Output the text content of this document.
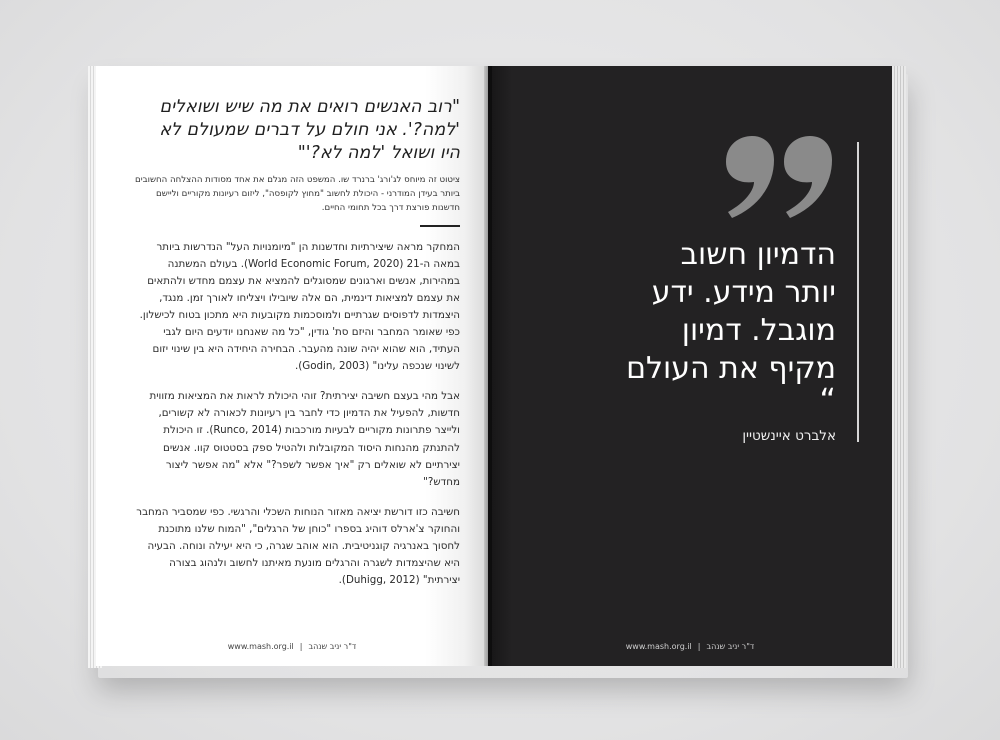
"רוב האנשים רואים את מה שיש ושואלים 'למה?'. אני חולם על דברים שמעולם לא היו ושואל 'למה לא?'"

ציטוט זה מיוחס לג'ורג' ברנרד שו. המשפט הזה מגלם את אחד מסודות ההצלחה החשובים ביותר בעידן המודרני - היכולת לחשוב "מחוץ לקופסה", ליזום רעיונות מקוריים וליישם חדשנות פורצת דרך בכל תחומי החיים.

המחקר מראה שיצירתיות וחדשנות הן "מיומנויות העל" הנדרשות ביותר במאה ה-21 (World Economic Forum, 2020). בעולם המשתנה במהירות, אנשים וארגונים שמסוגלים להמציא את עצמם מחדש ולהתאים את עצמם למציאות דינמית, הם אלה שיובילו ויצליחו לאורך זמן. מנגד, היצמדות לדפוסים שגרתיים ולמוסכמות מקובעות היא מתכון בטוח לכישלון. כפי שאומר המחבר והיזם סת' גודין, "כל מה שאנחנו יודעים היום לגבי העתיד, הוא שהוא יהיה שונה מהעבר. הבחירה היחידה היא בין שינוי יזום לשינוי שנכפה עלינו" (Godin, 2003).

אבל מהי בעצם חשיבה יצירתית? זוהי היכולת לראות את המציאות מזווית חדשות, להפעיל את הדמיון כדי לחבר בין רעיונות לכאורה לא קשורים, ולייצר פתרונות מקוריים לבעיות מורכבות (Runco, 2014). זו היכולת להתנתק מהנחות היסוד המקובלות ולהטיל ספק בסטטוס קוו. אנשים יצירתיים לא שואלים רק "איך אפשר לשפר?" אלא "מה אפשר ליצור מחדש?"

חשיבה כזו דורשת יציאה מאזור הנוחות השכלי והרגשי. כפי שמסביר המחבר והחוקר צ'ארלס דוהיג בספרו "כוחן של הרגלים", "המוח שלנו מתוכנת לחסוך באנרגיה קוגניטיבית. הוא אוהב שגרה, כי היא יעילה ונוחה. הבעיה היא שהיצמדות לשגרה והרגלים מונעת מאיתנו לחשוב ולנהוג בצורה יצירתית" (Duhigg, 2012).

www.mash.org.il | ד"ר יניב שנהב
הדמיון חשוב
יותר מידע. ידע
מוגבל. דמיון
מקיף את העולם
“
אלברט איינשטיין
www.mash.org.il | ד"ר יניב שנהב
